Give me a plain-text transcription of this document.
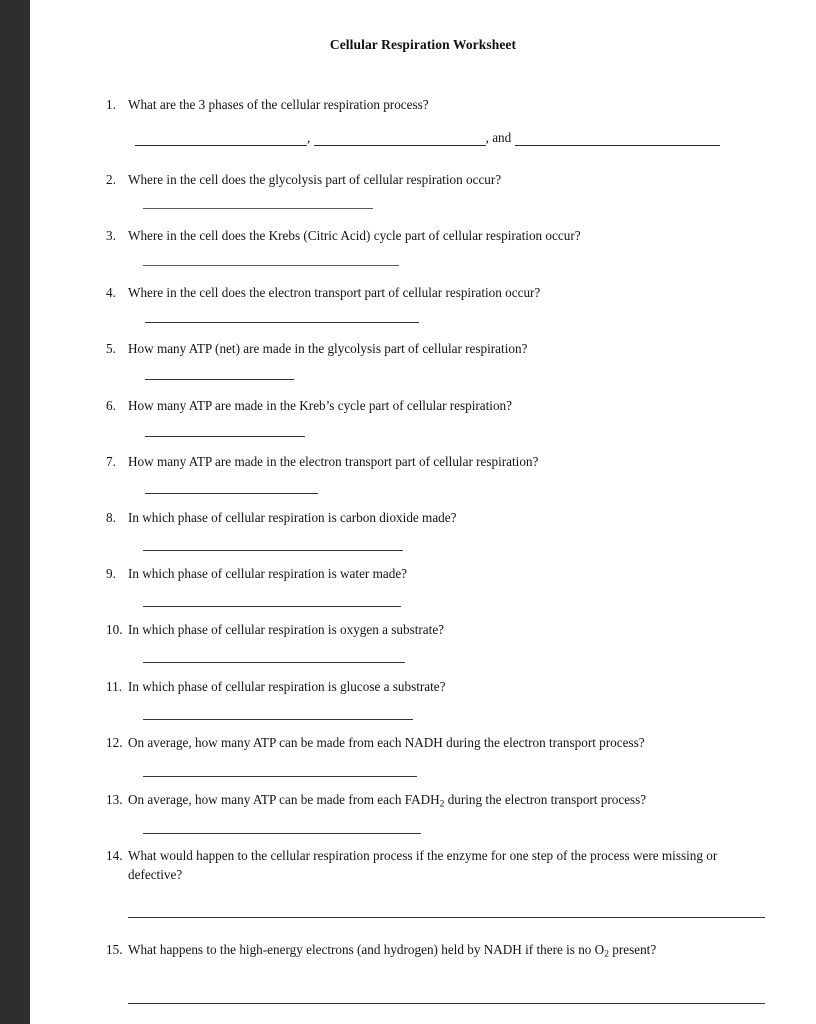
Cellular Respiration Worksheet
1. What are the 3 phases of the cellular respiration process?
,	, and
2. Where in the cell does the glycolysis part of cellular respiration occur?
3. Where in the cell does the Krebs (Citric Acid) cycle part of cellular respiration occur?
4. Where in the cell does the electron transport part of cellular respiration occur?
5. How many ATP (net) are made in the glycolysis part of cellular respiration?
6. How many ATP are made in the Kreb’s cycle part of cellular respiration?
7. How many ATP are made in the electron transport part of cellular respiration?
8. In which phase of cellular respiration is carbon dioxide made?
9. In which phase of cellular respiration is water made?
10. In which phase of cellular respiration is oxygen a substrate?
11. In which phase of cellular respiration is glucose a substrate?
12. On average, how many ATP can be made from each NADH during the electron transport process?
13. On average, how many ATP can be made from each $FADH_2$ during the electron transport process?
14. What would happen to the cellular respiration process if the enzyme for one step of the process were missing or defective?
15. What happens to the high-energy electrons (and hydrogen) held by NADH if there is no $O_2$ present?
